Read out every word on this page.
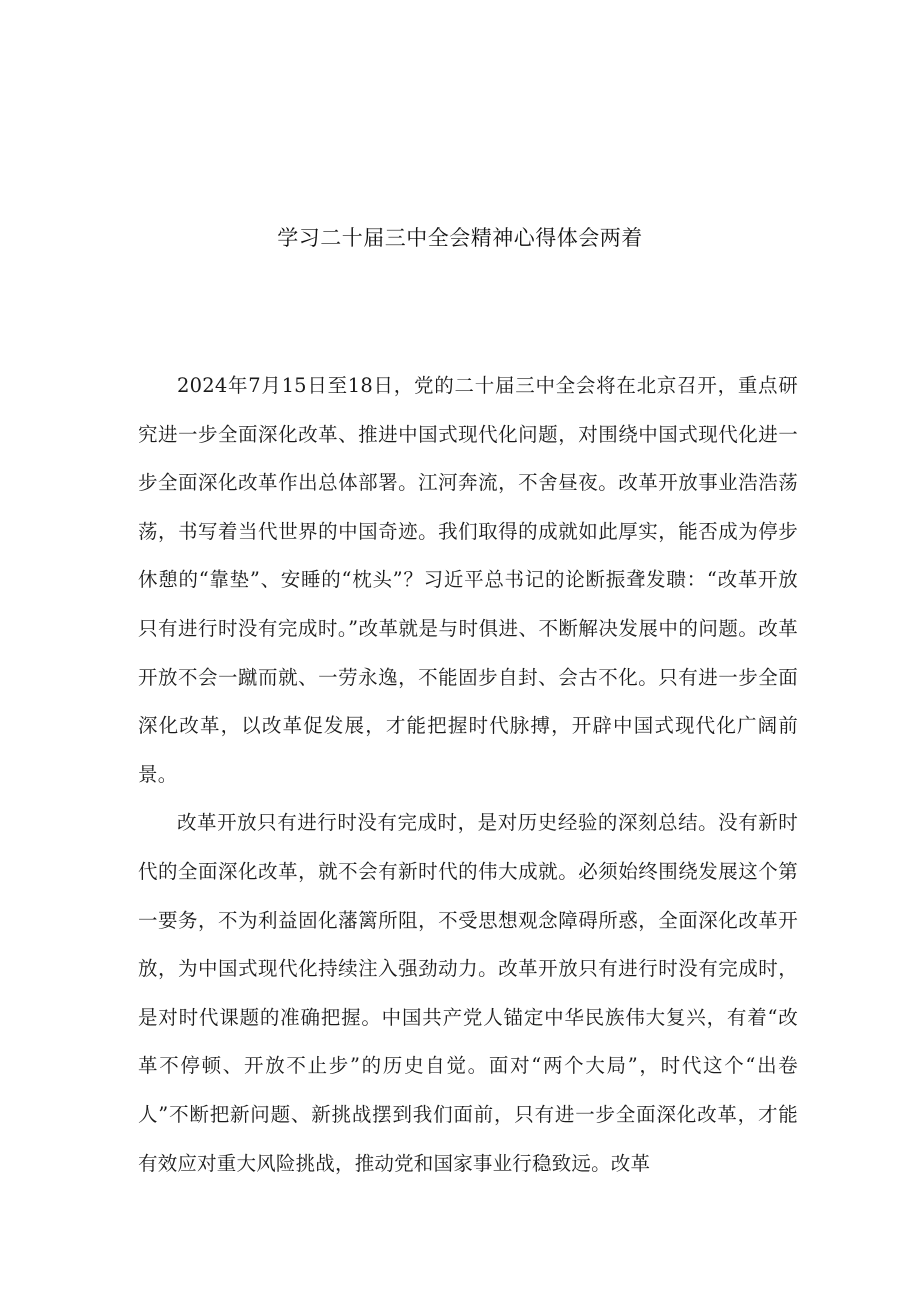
学习二十届三中全会精神心得体会两着

2024年7月15日至18日，党的二十届三中全会将在北京召开，重点研究进一步全面深化改革、推进中国式现代化问题，对围绕中国式现代化进一步全面深化改革作出总体部署。江河奔流，不舍昼夜。改革开放事业浩浩荡荡，书写着当代世界的中国奇迹。我们取得的成就如此厚实，能否成为停步休憩的“靠垫”、安睡的“枕头”？习近平总书记的论断振聋发聩：“改革开放只有进行时没有完成时。”改革就是与时俱进、不断解决发展中的问题。改革开放不会一蹴而就、一劳永逸，不能固步自封、会古不化。只有进一步全面深化改革，以改革促发展，才能把握时代脉搏，开辟中国式现代化广阔前景。

改革开放只有进行时没有完成时，是对历史经验的深刻总结。没有新时代的全面深化改革，就不会有新时代的伟大成就。必须始终围绕发展这个第一要务，不为利益固化藩篱所阻，不受思想观念障碍所惑，全面深化改革开放，为中国式现代化持续注入强劲动力。改革开放只有进行时没有完成时，是对时代课题的准确把握。中国共产党人锚定中华民族伟大复兴，有着“改革不停顿、开放不止步”的历史自觉。面对“两个大局”，时代这个“出卷人”不断把新问题、新挑战摆到我们面前，只有进一步全面深化改革，才能有效应对重大风险挑战，推动党和国家事业行稳致远。改革
